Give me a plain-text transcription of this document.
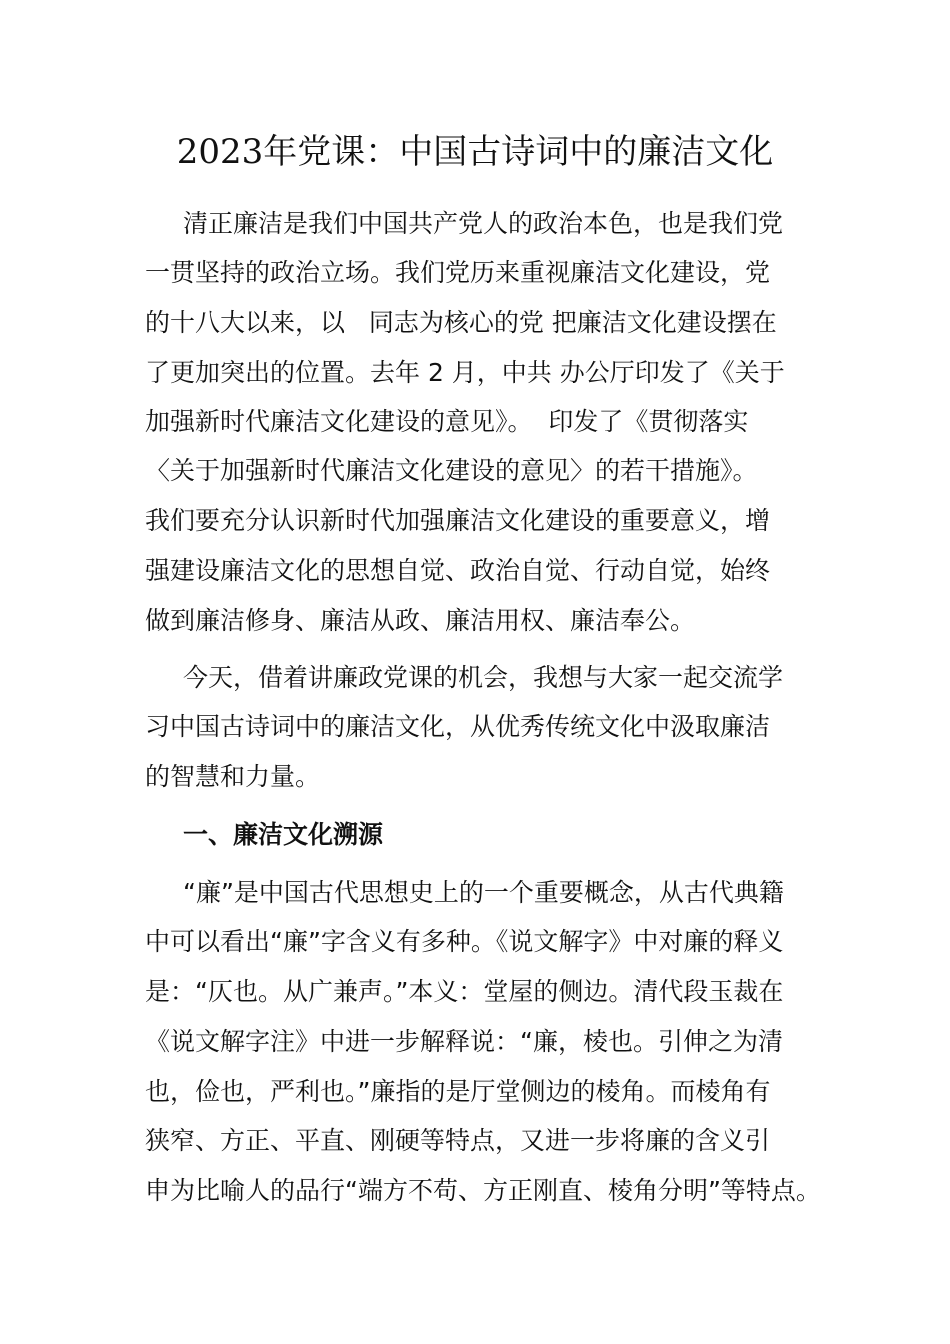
2023年党课：中国古诗词中的廉洁文化
清正廉洁是我们中国共产党人的政治本色，也是我们党
一贯坚持的政治立场。我们党历来重视廉洁文化建设，党
的十八大以来，以   同志为核心的党 把廉洁文化建设摆在
了更加突出的位置。去年 2 月，中共 办公厅印发了《关于
加强新时代廉洁文化建设的意见》。  印发了《贯彻落实
〈关于加强新时代廉洁文化建设的意见〉的若干措施》。
我们要充分认识新时代加强廉洁文化建设的重要意义，增
强建设廉洁文化的思想自觉、政治自觉、行动自觉，始终
做到廉洁修身、廉洁从政、廉洁用权、廉洁奉公。
今天，借着讲廉政党课的机会，我想与大家一起交流学
习中国古诗词中的廉洁文化，从优秀传统文化中汲取廉洁
的智慧和力量。
一、廉洁文化溯源
“廉”是中国古代思想史上的一个重要概念，从古代典籍
中可以看出“廉”字含义有多种。《说文解字》中对廉的释义
是：“仄也。从广兼声。”本义：堂屋的侧边。清代段玉裁在
《说文解字注》中进一步解释说：“廉，棱也。引伸之为清
也，俭也，严利也。”廉指的是厅堂侧边的棱角。而棱角有
狭窄、方正、平直、刚硬等特点，又进一步将廉的含义引
申为比喻人的品行“端方不苟、方正刚直、棱角分明”等特点。
